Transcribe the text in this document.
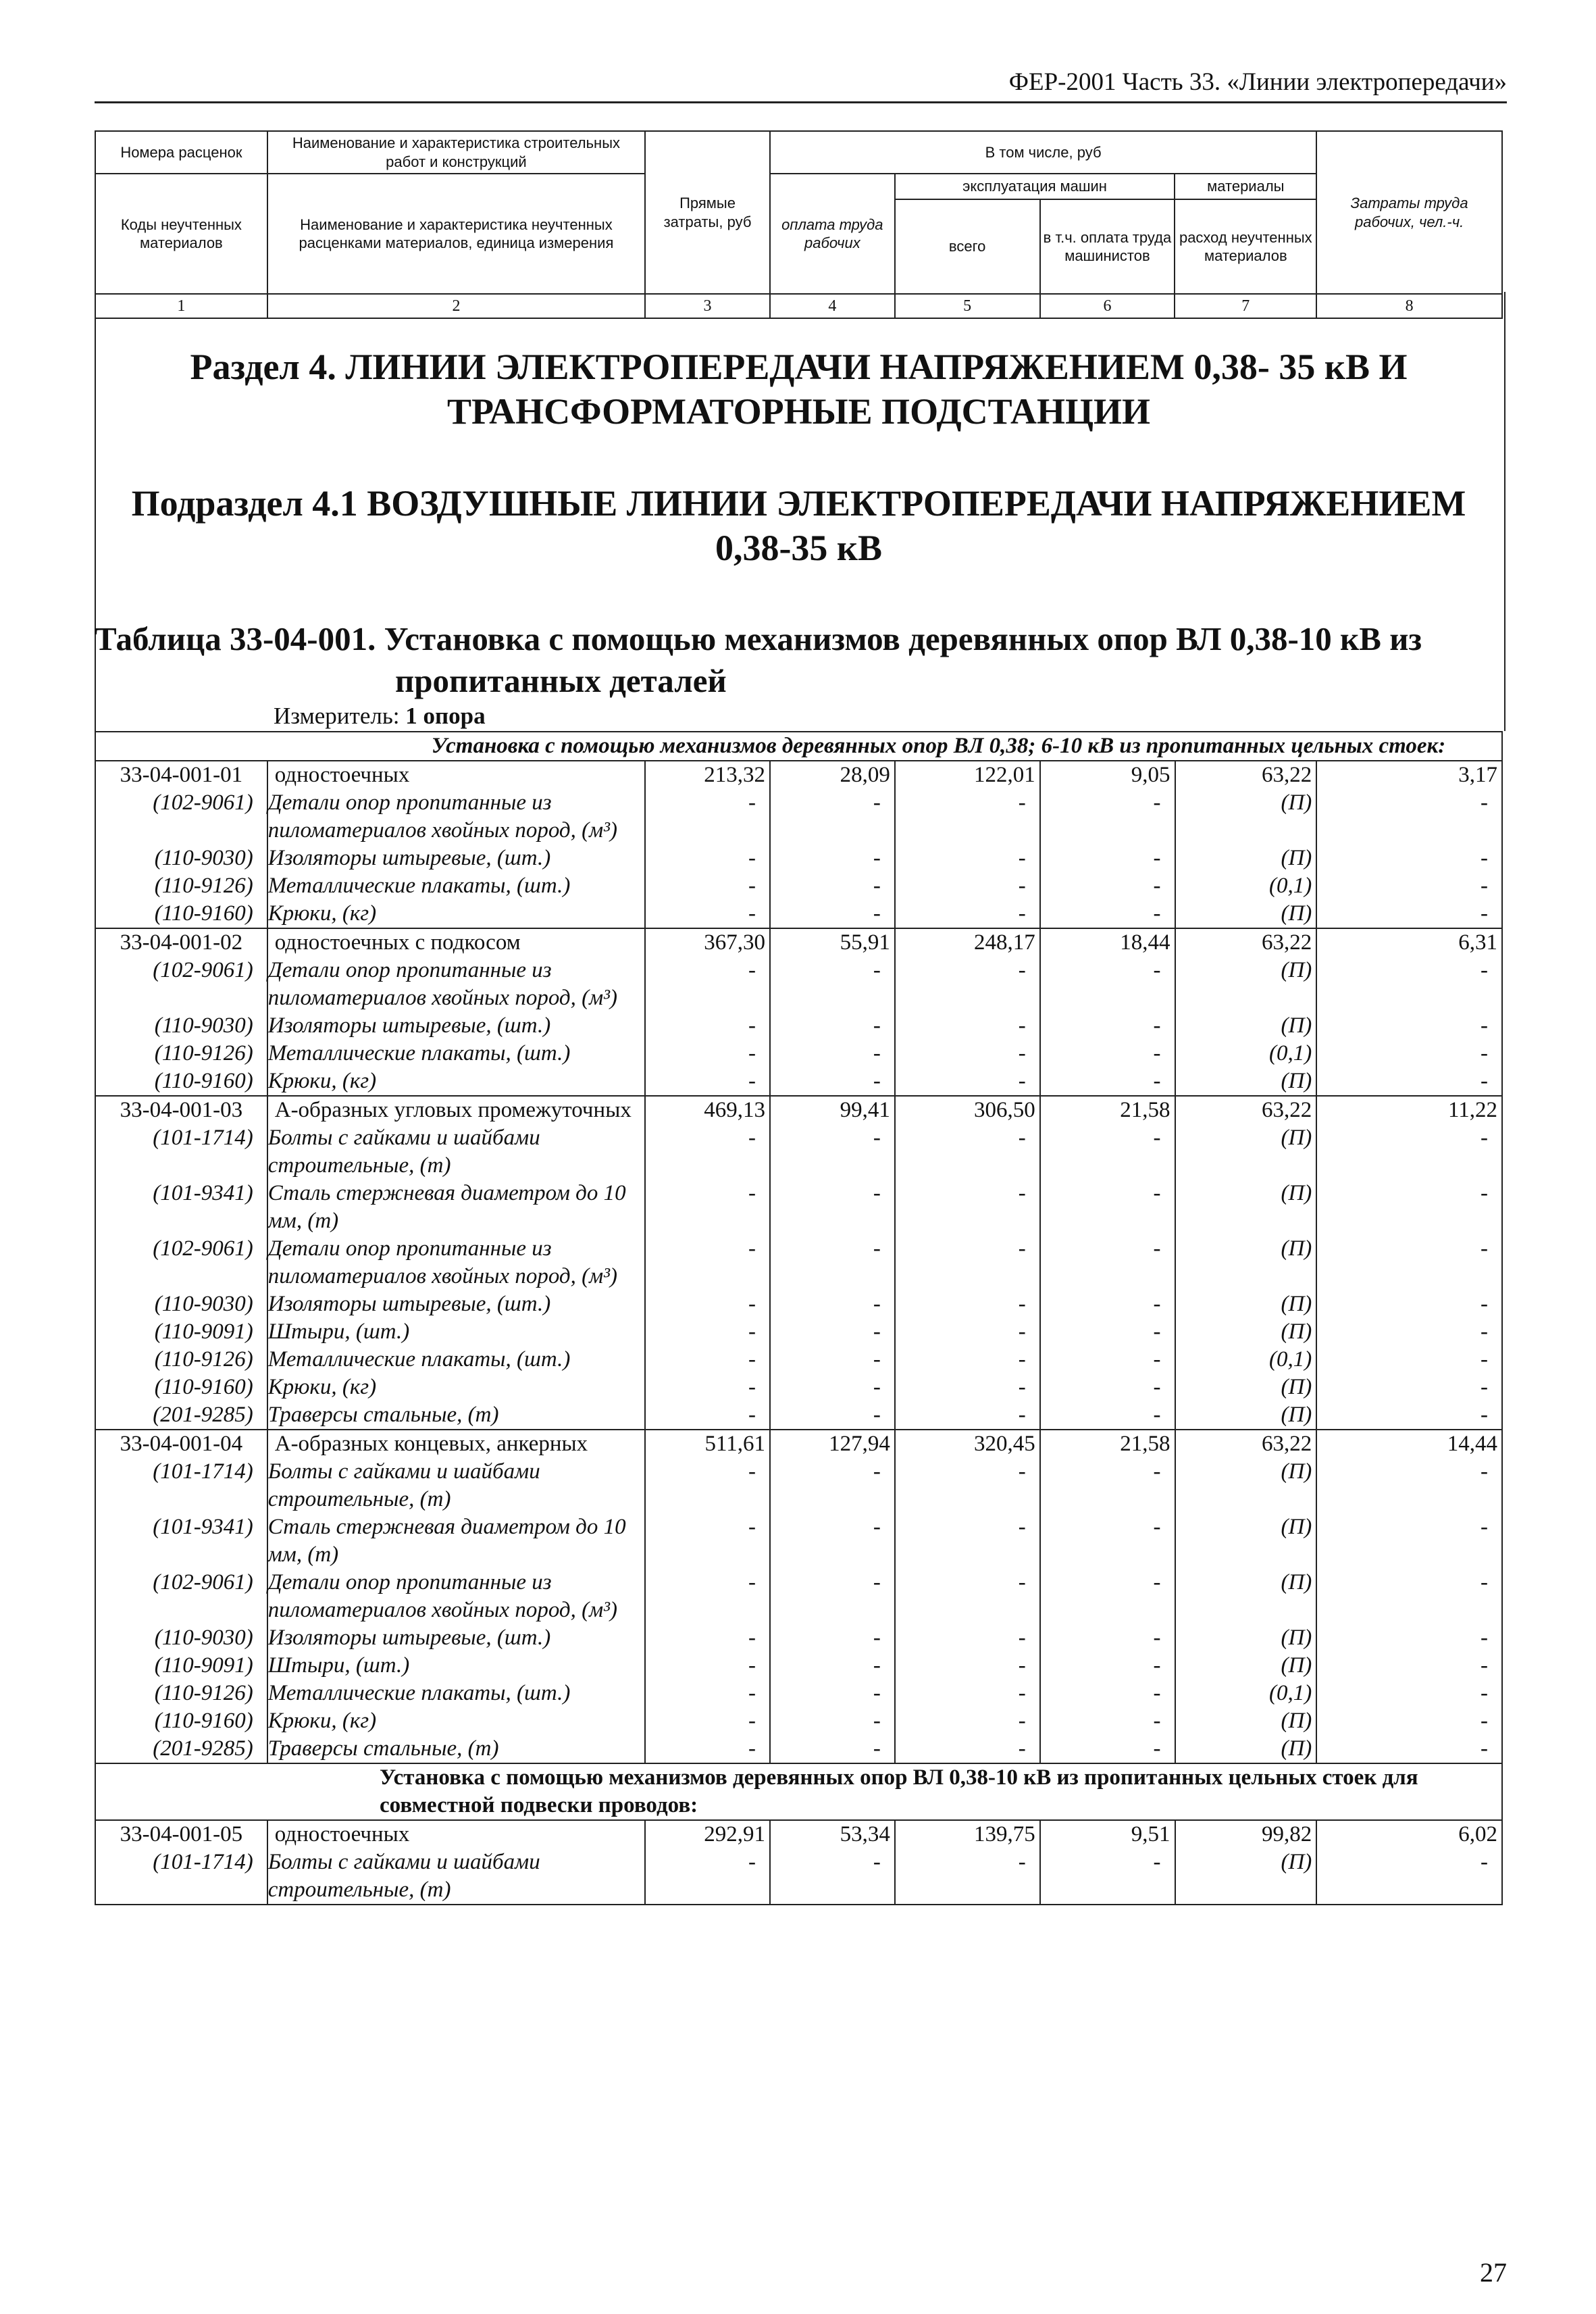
ФЕР-2001 Часть 33. «Линии электропередачи»
Номера расценок	Наименование и характеристика строительных работ и конструкций	Прямые затраты, руб	В том числе, руб				Затраты труда рабочих, чел.-ч.
Коды неучтенных материалов	Наименование и характеристика неучтенных расценками материалов, единица измерения		оплата труда рабочих	эксплуатация машин		материалы	
				всего	в т.ч. оплата труда машинистов	расход неучтенных материалов	
1	2	3	4	5	6	7	8
Раздел 4. ЛИНИИ ЭЛЕКТРОПЕРЕДАЧИ НАПРЯЖЕНИЕМ 0,38- 35 кВ И ТРАНСФОРМАТОРНЫЕ ПОДСТАНЦИИ
Подраздел 4.1 ВОЗДУШНЫЕ ЛИНИИ ЭЛЕКТРОПЕРЕДАЧИ НАПРЯЖЕНИЕМ 0,38-35 кВ
Таблица 33-04-001. Установка с помощью механизмов деревянных опор ВЛ 0,38-10 кВ из
пропитанных деталей
Измеритель: 1 опора
Установка с помощью механизмов деревянных опор ВЛ 0,38; 6-10 кВ из пропитанных цельных стоек:							
33-04-001-01	одностоечных	213,32	28,09	122,01	9,05	63,22	3,17
(102-9061)	Детали опор пропитанные из пиломатериалов хвойных пород, (м³)	-	-	-	-	(П)	-
(110-9030)	Изоляторы штыревые, (шт.)	-	-	-	-	(П)	-
(110-9126)	Металлические плакаты, (шт.)	-	-	-	-	(0,1)	-
(110-9160)	Крюки, (кг)	-	-	-	-	(П)	-
33-04-001-02	одностоечных с подкосом	367,30	55,91	248,17	18,44	63,22	6,31
(102-9061)	Детали опор пропитанные из пиломатериалов хвойных пород, (м³)	-	-	-	-	(П)	-
(110-9030)	Изоляторы штыревые, (шт.)	-	-	-	-	(П)	-
(110-9126)	Металлические плакаты, (шт.)	-	-	-	-	(0,1)	-
(110-9160)	Крюки, (кг)	-	-	-	-	(П)	-
33-04-001-03	А-образных угловых промежуточных	469,13	99,41	306,50	21,58	63,22	11,22
(101-1714)	Болты с гайками и шайбами строительные, (т)	-	-	-	-	(П)	-
(101-9341)	Сталь стержневая диаметром до 10 мм, (т)	-	-	-	-	(П)	-
(102-9061)	Детали опор пропитанные из пиломатериалов хвойных пород, (м³)	-	-	-	-	(П)	-
(110-9030)	Изоляторы штыревые, (шт.)	-	-	-	-	(П)	-
(110-9091)	Штыри, (шт.)	-	-	-	-	(П)	-
(110-9126)	Металлические плакаты, (шт.)	-	-	-	-	(0,1)	-
(110-9160)	Крюки, (кг)	-	-	-	-	(П)	-
(201-9285)	Траверсы стальные, (т)	-	-	-	-	(П)	-
33-04-001-04	А-образных концевых, анкерных	511,61	127,94	320,45	21,58	63,22	14,44
(101-1714)	Болты с гайками и шайбами строительные, (т)	-	-	-	-	(П)	-
(101-9341)	Сталь стержневая диаметром до 10 мм, (т)	-	-	-	-	(П)	-
(102-9061)	Детали опор пропитанные из пиломатериалов хвойных пород, (м³)	-	-	-	-	(П)	-
(110-9030)	Изоляторы штыревые, (шт.)	-	-	-	-	(П)	-
(110-9091)	Штыри, (шт.)	-	-	-	-	(П)	-
(110-9126)	Металлические плакаты, (шт.)	-	-	-	-	(0,1)	-
(110-9160)	Крюки, (кг)	-	-	-	-	(П)	-
(201-9285)	Траверсы стальные, (т)	-	-	-	-	(П)	-
Установка с помощью механизмов деревянных опор ВЛ 0,38-10 кВ из пропитанных цельных стоек для совместной подвески проводов:							
33-04-001-05	одностоечных	292,91	53,34	139,75	9,51	99,82	6,02
(101-1714)	Болты с гайками и шайбами строительные, (т)	-	-	-	-	(П)	-
27
